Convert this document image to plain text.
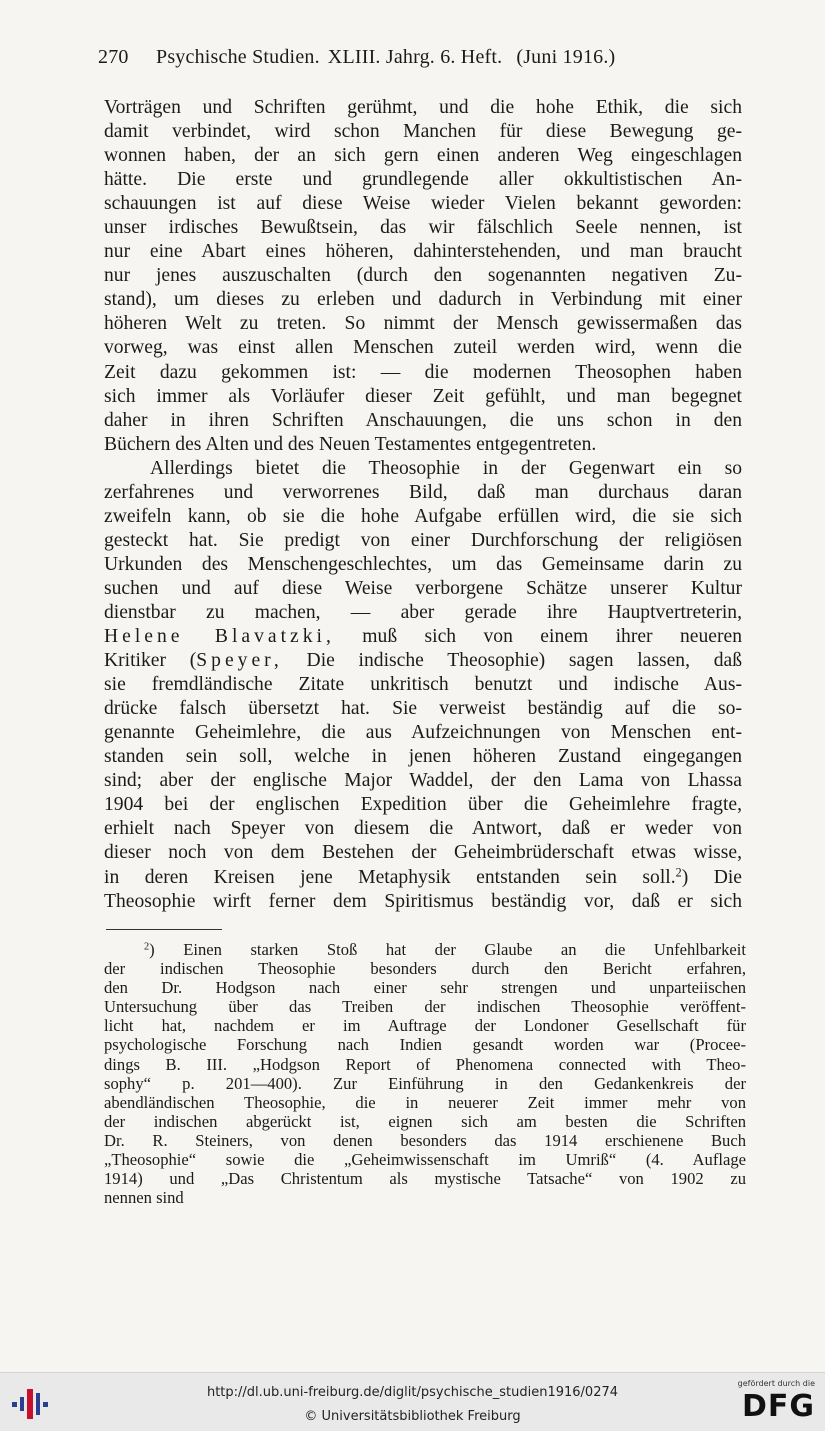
270 Psychische Studien. XLIII. Jahrg. 6. Heft. (Juni 1916.)
Vorträgen und Schriften gerühmt, und die hohe Ethik, die sich
damit verbindet, wird schon Manchen für diese Bewegung ge-
wonnen haben, der an sich gern einen anderen Weg eingeschlagen
hätte. Die erste und grundlegende aller okkultistischen An-
schauungen ist auf diese Weise wieder Vielen bekannt geworden:
unser irdisches Bewußtsein, das wir fälschlich Seele nennen, ist
nur eine Abart eines höheren, dahinterstehenden, und man braucht
nur jenes auszuschalten (durch den sogenannten negativen Zu-
stand), um dieses zu erleben und dadurch in Verbindung mit einer
höheren Welt zu treten. So nimmt der Mensch gewissermaßen das
vorweg, was einst allen Menschen zuteil werden wird, wenn die
Zeit dazu gekommen ist: — die modernen Theosophen haben
sich immer als Vorläufer dieser Zeit gefühlt, und man begegnet
daher in ihren Schriften Anschauungen, die uns schon in den
Büchern des Alten und des Neuen Testamentes entgegentreten.
Allerdings bietet die Theosophie in der Gegenwart ein so
zerfahrenes und verworrenes Bild, daß man durchaus daran
zweifeln kann, ob sie die hohe Aufgabe erfüllen wird, die sie sich
gesteckt hat. Sie predigt von einer Durchforschung der religiösen
Urkunden des Menschengeschlechtes, um das Gemeinsame darin zu
suchen und auf diese Weise verborgene Schätze unserer Kultur
dienstbar zu machen, — aber gerade ihre Hauptvertreterin,
Helene Blavatzki, muß sich von einem ihrer neueren
Kritiker (Speyer, Die indische Theosophie) sagen lassen, daß
sie fremdländische Zitate unkritisch benutzt und indische Aus-
drücke falsch übersetzt hat. Sie verweist beständig auf die so-
genannte Geheimlehre, die aus Aufzeichnungen von Menschen ent-
standen sein soll, welche in jenen höheren Zustand eingegangen
sind; aber der englische Major Waddel, der den Lama von Lhassa
1904 bei der englischen Expedition über die Geheimlehre fragte,
erhielt nach Speyer von diesem die Antwort, daß er weder von
dieser noch von dem Bestehen der Geheimbrüderschaft etwas wisse,
in deren Kreisen jene Metaphysik entstanden sein soll.$^2$) Die
Theosophie wirft ferner dem Spiritismus beständig vor, daß er sich
$^2$) Einen starken Stoß hat der Glaube an die Unfehlbarkeit
der indischen Theosophie besonders durch den Bericht erfahren,
den Dr. Hodgson nach einer sehr strengen und unparteiischen
Untersuchung über das Treiben der indischen Theosophie veröffent-
licht hat, nachdem er im Auftrage der Londoner Gesellschaft für
psychologische Forschung nach Indien gesandt worden war (Procee-
dings B. III. „Hodgson Report of Phenomena connected with Theo-
sophy“ p. 201—400). Zur Einführung in den Gedankenkreis der
abendländischen Theosophie, die in neuerer Zeit immer mehr von
der indischen abgerückt ist, eignen sich am besten die Schriften
Dr. R. Steiners, von denen besonders das 1914 erschienene Buch
„Theosophie“ sowie die „Geheimwissenschaft im Umriß“ (4. Auflage
1914) und „Das Christentum als mystische Tatsache“ von 1902 zu
nennen sind
http://dl.ub.uni-freiburg.de/diglit/psychische_studien1916/0274
© Universitätsbibliothek Freiburg
gefördert durch die
DFG
